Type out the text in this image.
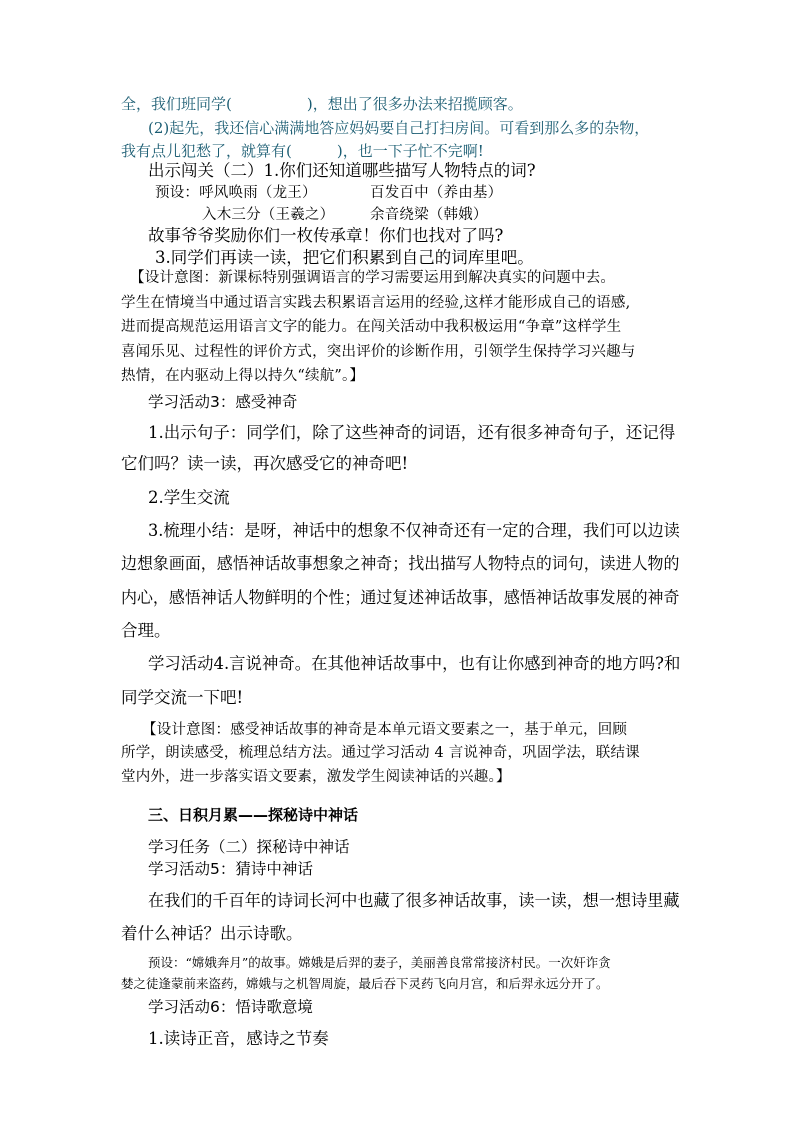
全，我们班同学(　　　　　)，想出了很多办法来招揽顾客。
(2)起先，我还信心满满地答应妈妈要自己打扫房间。可看到那么多的杂物，
我有点儿犯愁了，就算有(　　　)，也一下子忙不完啊!
出示闯关（二）1.你们还知道哪些描写人物特点的词?
预设：呼风唤雨（龙王）	百发百中（养由基）
入木三分（王羲之） 余音绕梁（韩娥）
故事爷爷奖励你们一枚传承章！你们也找对了吗?
3.同学们再读一读，把它们积累到自己的词库里吧。
【设计意图：新课标特别强调语言的学习需要运用到解决真实的问题中去。
学生在情境当中通过语言实践去积累语言运用的经验,这样才能形成自己的语感,
进而提高规范运用语言文字的能力。在闯关活动中我积极运用“争章”这样学生
喜闻乐见、过程性的评价方式，突出评价的诊断作用，引领学生保持学习兴趣与
热情，在内驱动上得以持久“续航”。】
学习活动3：感受神奇
1.出示句子：同学们，除了这些神奇的词语，还有很多神奇句子，还记得
它们吗？读一读，再次感受它的神奇吧!
2.学生交流
3.梳理小结：是呀，神话中的想象不仅神奇还有一定的合理，我们可以边读
边想象画面，感悟神话故事想象之神奇；找出描写人物特点的词句，读进人物的
内心，感悟神话人物鲜明的个性；通过复述神话故事，感悟神话故事发展的神奇
合理。
学习活动4.言说神奇。在其他神话故事中，也有让你感到神奇的地方吗?和
同学交流一下吧!
【设计意图：感受神话故事的神奇是本单元语文要素之一，基于单元，回顾
所学，朗读感受，梳理总结方法。通过学习活动 4 言说神奇，巩固学法，联结课
堂内外，进一步落实语文要素，激发学生阅读神话的兴趣。】
三、日积月累——探秘诗中神话
学习任务（二）探秘诗中神话
学习活动5：猜诗中神话
在我们的千百年的诗词长河中也藏了很多神话故事，读一读，想一想诗里藏
着什么神话？出示诗歌。
预设：“嫦娥奔月”的故事。嫦娥是后羿的妻子，美丽善良常常接济村民。一次奸诈贪
婪之徒逢蒙前来盗药，嫦娥与之机智周旋，最后吞下灵药飞向月宫，和后羿永远分开了。
学习活动6：悟诗歌意境
1.读诗正音，感诗之节奏
